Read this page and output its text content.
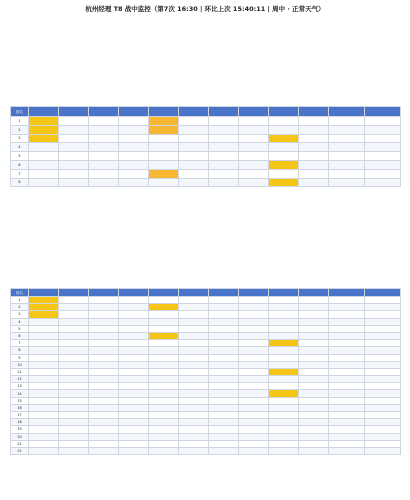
杭州经理 T8 战中监控（第7次 16:30 | 环比上次 15:40:11 | 周中 · 正常天气）
排名												
1												
2												
3												
4												
5												
6												
7												
8												
排名												
1												
2												
3												
4												
5												
6												
7												
8												
9												
10												
11												
12												
13												
14												
15												
16												
17												
18												
19												
20												
21												
22												
